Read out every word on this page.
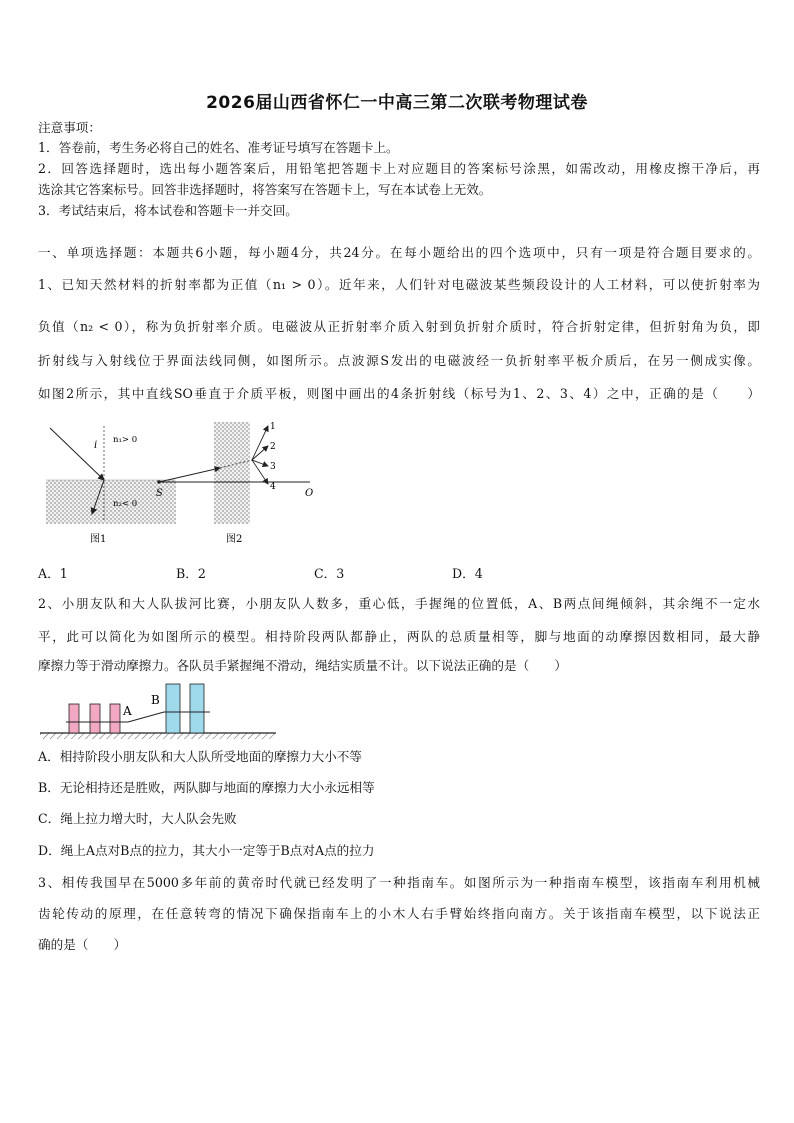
2026届山西省怀仁一中高三第二次联考物理试卷
注意事项：
1．答卷前，考生务必将自己的姓名、准考证号填写在答题卡上。
2．回答选择题时，选出每小题答案后，用铅笔把答题卡上对应题目的答案标号涂黑，如需改动，用橡皮擦干净后，再
选涂其它答案标号。回答非选择题时，将答案写在答题卡上，写在本试卷上无效。
3．考试结束后，将本试卷和答题卡一并交回。
一、单项选择题：本题共6小题，每小题4分，共24分。在每小题给出的四个选项中，只有一项是符合题目要求的。
1、已知天然材料的折射率都为正值（n₁ > 0）。近年来，人们针对电磁波某些频段设计的人工材料，可以使折射率为
负值（n₂ < 0），称为负折射率介质。电磁波从正折射率介质入射到负折射介质时，符合折射定律，但折射角为负，即
折射线与入射线位于界面法线同侧，如图所示。点波源S发出的电磁波经一负折射率平板介质后，在另一侧成实像。
如图2所示，其中直线SO垂直于介质平板，则图中画出的4条折射线（标号为1、2、3、4）之中，正确的是（　　）
i n₁> 0
n₂< 0
图1
1
2
3
4
S	O
图2
A．1	B．2	C．3	D．4
2、小朋友队和大人队拔河比赛，小朋友队人数多，重心低，手握绳的位置低，A、B两点间绳倾斜，其余绳不一定水
平，此可以简化为如图所示的模型。相持阶段两队都静止，两队的总质量相等，脚与地面的动摩擦因数相同，最大静
摩擦力等于滑动摩擦力。各队员手紧握绳不滑动，绳结实质量不计。以下说法正确的是（　　）
A
B
A．相持阶段小朋友队和大人队所受地面的摩擦力大小不等
B．无论相持还是胜败，两队脚与地面的摩擦力大小永远相等
C．绳上拉力增大时，大人队会先败
D．绳上A点对B点的拉力，其大小一定等于B点对A点的拉力
3、相传我国早在5000多年前的黄帝时代就已经发明了一种指南车。如图所示为一种指南车模型，该指南车利用机械
齿轮传动的原理，在任意转弯的情况下确保指南车上的小木人右手臂始终指向南方。关于该指南车模型，以下说法正
确的是（　　）
